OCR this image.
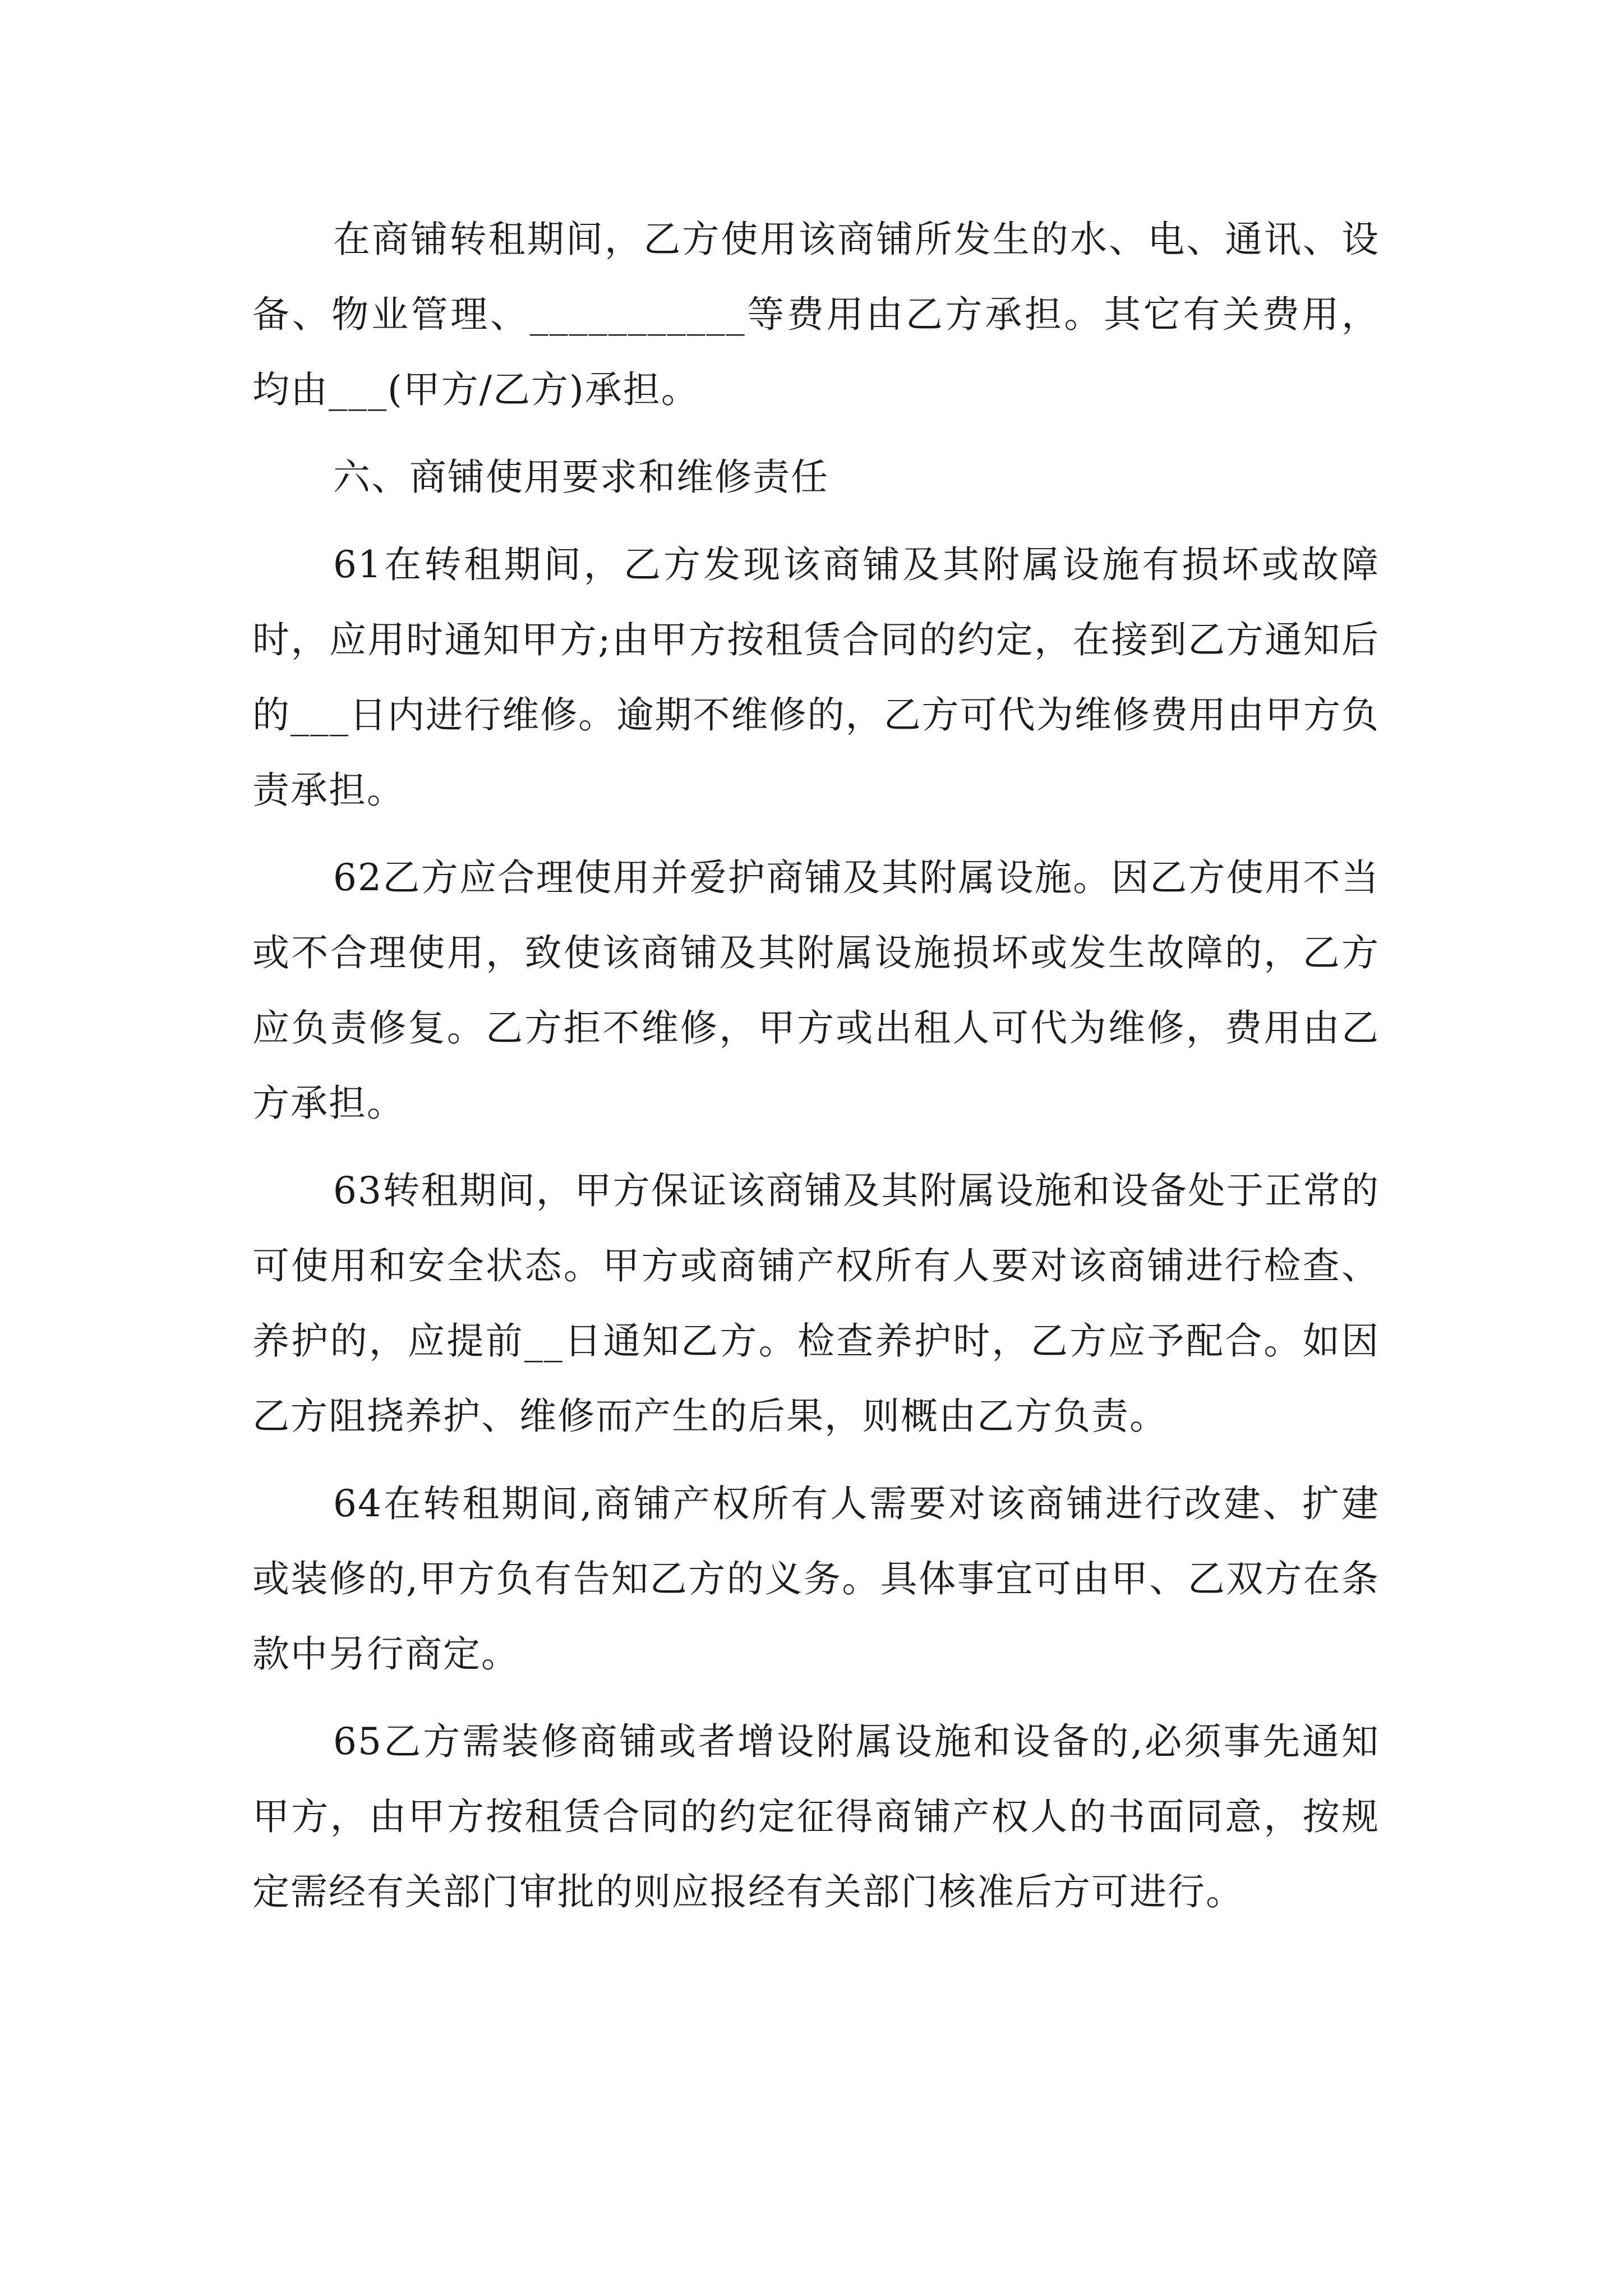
在商铺转租期间，乙方使用该商铺所发生的水、电、通讯、设备、物业管理、___________等费用由乙方承担。其它有关费用，均由___(甲方/乙方)承担。

六、商铺使用要求和维修责任

61在转租期间，乙方发现该商铺及其附属设施有损坏或故障时，应用时通知甲方;由甲方按租赁合同的约定，在接到乙方通知后的___日内进行维修。逾期不维修的，乙方可代为维修费用由甲方负责承担。

62乙方应合理使用并爱护商铺及其附属设施。因乙方使用不当或不合理使用，致使该商铺及其附属设施损坏或发生故障的，乙方应负责修复。乙方拒不维修，甲方或出租人可代为维修，费用由乙方承担。

63转租期间，甲方保证该商铺及其附属设施和设备处于正常的可使用和安全状态。甲方或商铺产权所有人要对该商铺进行检查、养护的，应提前__日通知乙方。检查养护时，乙方应予配合。如因乙方阻挠养护、维修而产生的后果，则概由乙方负责。

64在转租期间,商铺产权所有人需要对该商铺进行改建、扩建或装修的,甲方负有告知乙方的义务。具体事宜可由甲、乙双方在条款中另行商定。

65乙方需装修商铺或者增设附属设施和设备的,必须事先通知甲方，由甲方按租赁合同的约定征得商铺产权人的书面同意，按规定需经有关部门审批的则应报经有关部门核准后方可进行。
